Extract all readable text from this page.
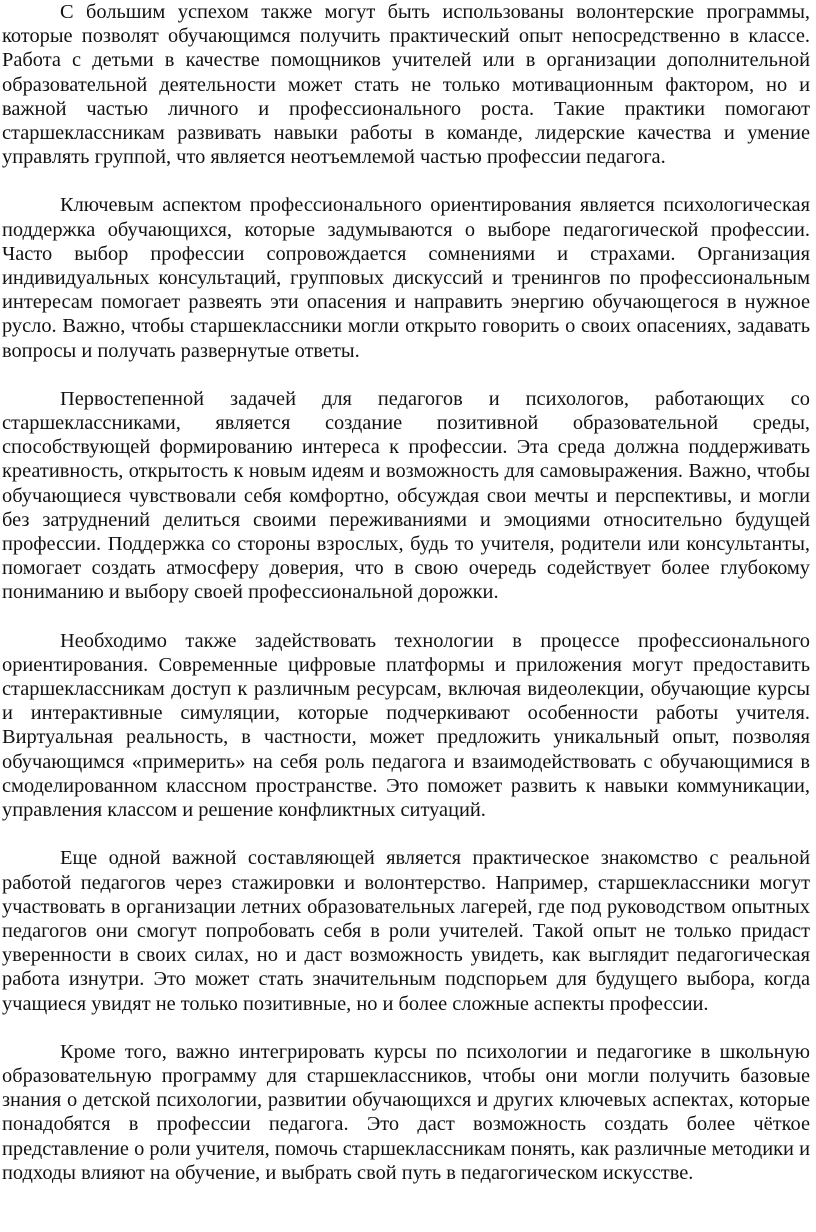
С большим успехом также могут быть использованы волонтерские программы, которые позволят обучающимся получить практический опыт непосредственно в классе. Работа с детьми в качестве помощников учителей или в организации дополнительной образовательной деятельности может стать не только мотивационным фактором, но и важной частью личного и профессионального роста. Такие практики помогают старшеклассникам развивать навыки работы в команде, лидерские качества и умение управлять группой, что является неотъемлемой частью профессии педагога.

Ключевым аспектом профессионального ориентирования является психологическая поддержка обучающихся, которые задумываются о выборе педагогической профессии. Часто выбор профессии сопровождается сомнениями и страхами. Организация индивидуальных консультаций, групповых дискуссий и тренингов по профессиональным интересам помогает развеять эти опасения и направить энергию обучающегося в нужное русло. Важно, чтобы старшеклассники могли открыто говорить о своих опасениях, задавать вопросы и получать развернутые ответы.

Первостепенной задачей для педагогов и психологов, работающих со старшеклассниками, является создание позитивной образовательной среды, способствующей формированию интереса к профессии. Эта среда должна поддерживать креативность, открытость к новым идеям и возможность для самовыражения. Важно, чтобы обучающиеся чувствовали себя комфортно, обсуждая свои мечты и перспективы, и могли без затруднений делиться своими переживаниями и эмоциями относительно будущей профессии. Поддержка со стороны взрослых, будь то учителя, родители или консультанты, помогает создать атмосферу доверия, что в свою очередь содействует более глубокому пониманию и выбору своей профессиональной дорожки.

Необходимо также задействовать технологии в процессе профессионального ориентирования. Современные цифровые платформы и приложения могут предоставить старшеклассникам доступ к различным ресурсам, включая видеолекции, обучающие курсы и интерактивные симуляции, которые подчеркивают особенности работы учителя. Виртуальная реальность, в частности, может предложить уникальный опыт, позволяя обучающимся «примерить» на себя роль педагога и взаимодействовать с обучающимися в смоделированном классном пространстве. Это поможет развить к навыки коммуникации, управления классом и решение конфликтных ситуаций.

Еще одной важной составляющей является практическое знакомство с реальной работой педагогов через стажировки и волонтерство. Например, старшеклассники могут участвовать в организации летних образовательных лагерей, где под руководством опытных педагогов они смогут попробовать себя в роли учителей. Такой опыт не только придаст уверенности в своих силах, но и даст возможность увидеть, как выглядит педагогическая работа изнутри. Это может стать значительным подспорьем для будущего выбора, когда учащиеся увидят не только позитивные, но и более сложные аспекты профессии.

Кроме того, важно интегрировать курсы по психологии и педагогике в школьную образовательную программу для старшеклассников, чтобы они могли получить базовые знания о детской психологии, развитии обучающихся и других ключевых аспектах, которые понадобятся в профессии педагога. Это даст возможность создать более чёткое представление о роли учителя, помочь старшеклассникам понять, как различные методики и подходы влияют на обучение, и выбрать свой путь в педагогическом искусстве.
